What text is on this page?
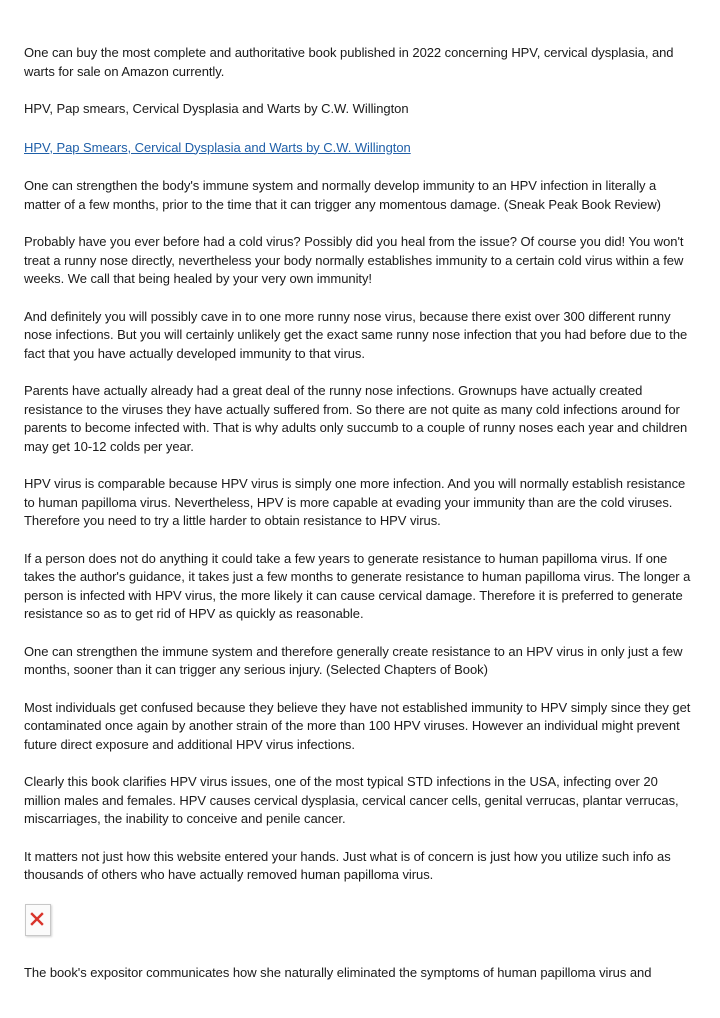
One can buy the most complete and authoritative book published in 2022 concerning HPV, cervical dysplasia, and warts for sale on Amazon currently.

HPV, Pap smears, Cervical Dysplasia and Warts by C.W. Willington

HPV, Pap Smears, Cervical Dysplasia and Warts by C.W. Willington

One can strengthen the body's immune system and normally develop immunity to an HPV infection in literally a matter of a few months, prior to the time that it can trigger any momentous damage. (Sneak Peak Book Review)

Probably have you ever before had a cold virus? Possibly did you heal from the issue? Of course you did! You won't treat a runny nose directly, nevertheless your body normally establishes immunity to a certain cold virus within a few weeks. We call that being healed by your very own immunity!

And definitely you will possibly cave in to one more runny nose virus, because there exist over 300 different runny nose infections. But you will certainly unlikely get the exact same runny nose infection that you had before due to the fact that you have actually developed immunity to that virus.

Parents have actually already had a great deal of the runny nose infections. Grownups have actually created resistance to the viruses they have actually suffered from. So there are not quite as many cold infections around for parents to become infected with. That is why adults only succumb to a couple of runny noses each year and children may get 10-12 colds per year.

HPV virus is comparable because HPV virus is simply one more infection. And you will normally establish resistance to human papilloma virus. Nevertheless, HPV is more capable at evading your immunity than are the cold viruses. Therefore you need to try a little harder to obtain resistance to HPV virus.

If a person does not do anything it could take a few years to generate resistance to human papilloma virus. If one takes the author's guidance, it takes just a few months to generate resistance to human papilloma virus. The longer a person is infected with HPV virus, the more likely it can cause cervical damage. Therefore it is preferred to generate resistance so as to get rid of HPV as quickly as reasonable.

One can strengthen the immune system and therefore generally create resistance to an HPV virus in only just a few months, sooner than it can trigger any serious injury. (Selected Chapters of Book)

Most individuals get confused because they believe they have not established immunity to HPV simply since they get contaminated once again by another strain of the more than 100 HPV viruses. However an individual might prevent future direct exposure and additional HPV virus infections.

Clearly this book clarifies HPV virus issues, one of the most typical STD infections in the USA, infecting over 20 million males and females. HPV causes cervical dysplasia, cervical cancer cells, genital verrucas, plantar verrucas, miscarriages, the inability to conceive and penile cancer.

It matters not just how this website entered your hands. Just what is of concern is just how you utilize such info as thousands of others who have actually removed human papilloma virus.

The book's expositor communicates how she naturally eliminated the symptoms of human papilloma virus and
